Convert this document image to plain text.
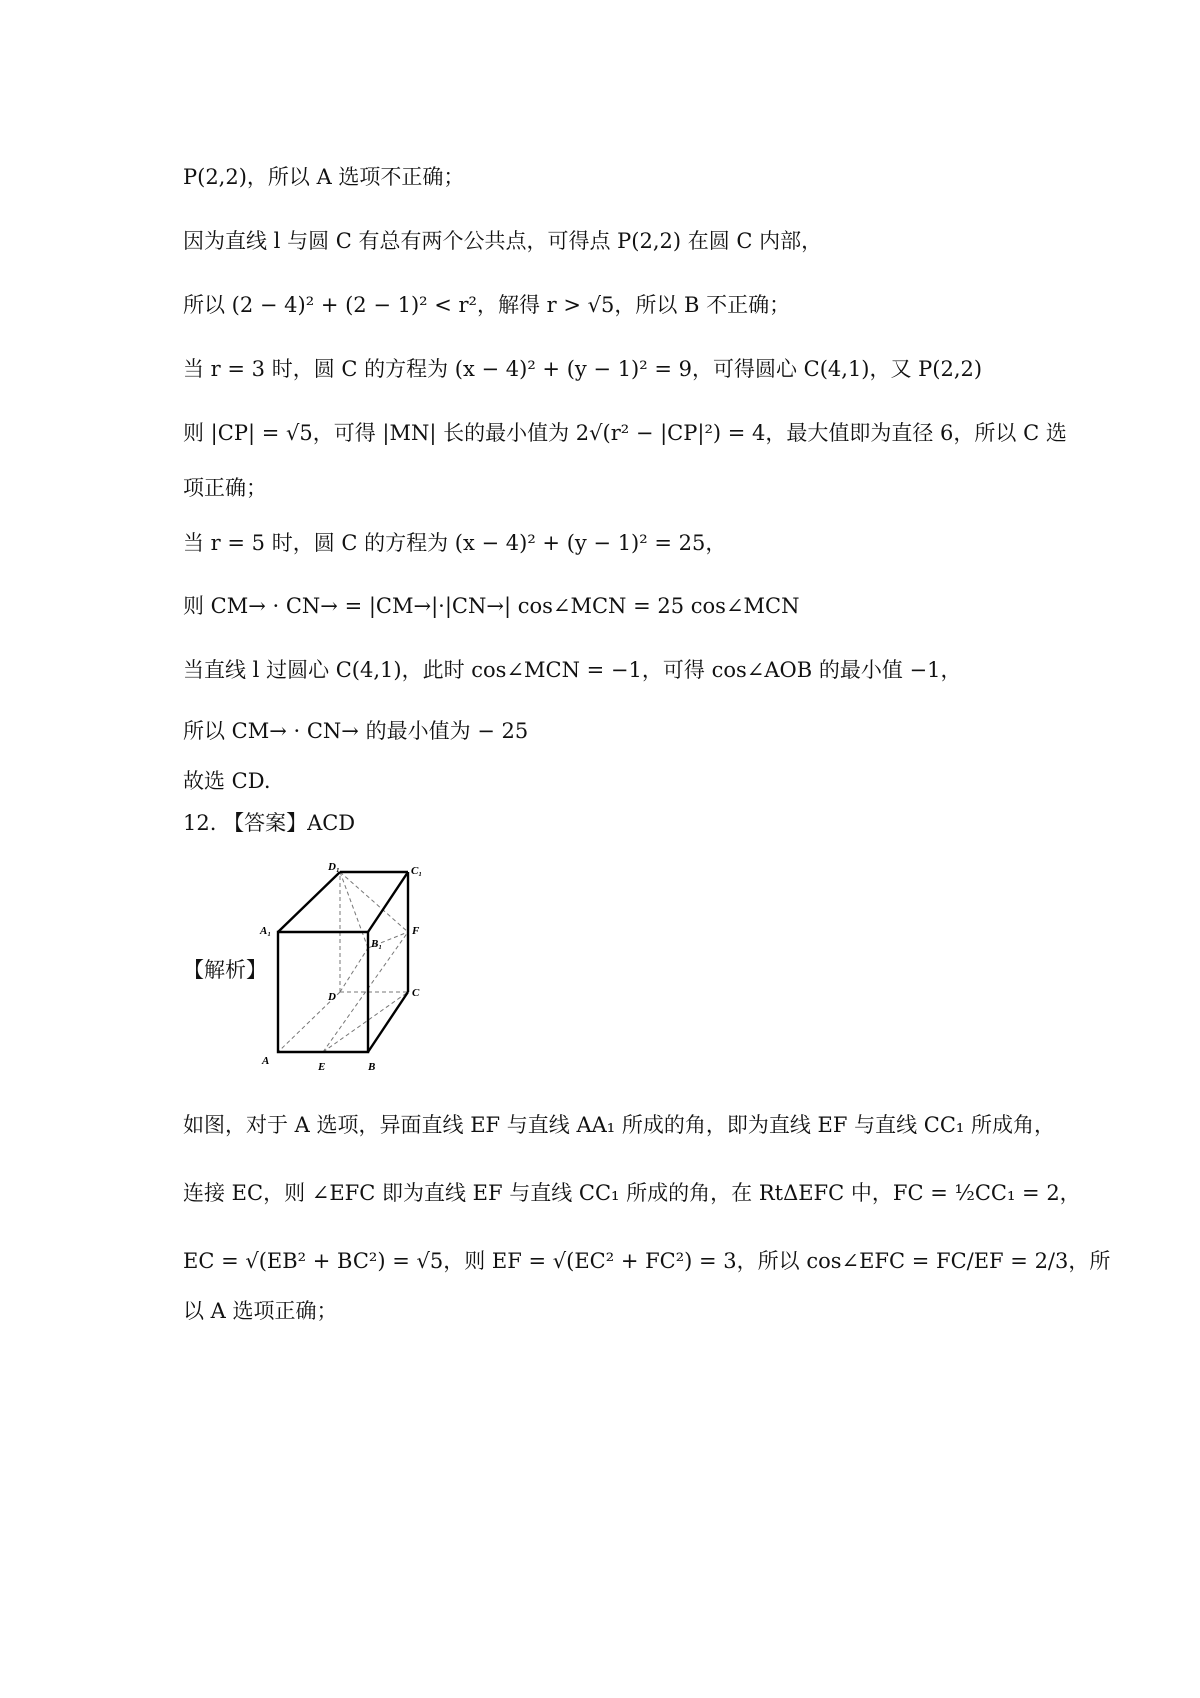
P(2,2)，所以 A 选项不正确；
因为直线 l 与圆 C 有总有两个公共点，可得点 P(2,2) 在圆 C 内部，
所以 (2 − 4)² + (2 − 1)² < r²，解得 r > √5，所以 B 不正确；
当 r = 3 时，圆 C 的方程为 (x − 4)² + (y − 1)² = 9，可得圆心 C(4,1)，又 P(2,2)
则 |CP| = √5，可得 |MN| 长的最小值为 2√(r² − |CP|²) = 4，最大值即为直径 6，所以 C 选
项正确；
当 r = 5 时，圆 C 的方程为 (x − 4)² + (y − 1)² = 25，
则 CM→ · CN→ = |CM→|·|CN→| cos∠MCN = 25 cos∠MCN
当直线 l 过圆心 C(4,1)，此时 cos∠MCN = −1，可得 cos∠AOB 的最小值 −1，
所以 CM→ · CN→ 的最小值为 − 25
故选 CD.
12. 【答案】ACD
【解析】
D₁	C₁
A₁
B₁
F
D	C
A	E	B
如图，对于 A 选项，异面直线 EF 与直线 AA₁ 所成的角，即为直线 EF 与直线 CC₁ 所成角，
连接 EC，则 ∠EFC 即为直线 EF 与直线 CC₁ 所成的角，在 RtΔEFC 中，FC = ½CC₁ = 2，
EC = √(EB² + BC²) = √5，则 EF = √(EC² + FC²) = 3，所以 cos∠EFC = FC/EF = 2/3，所
以 A 选项正确；
